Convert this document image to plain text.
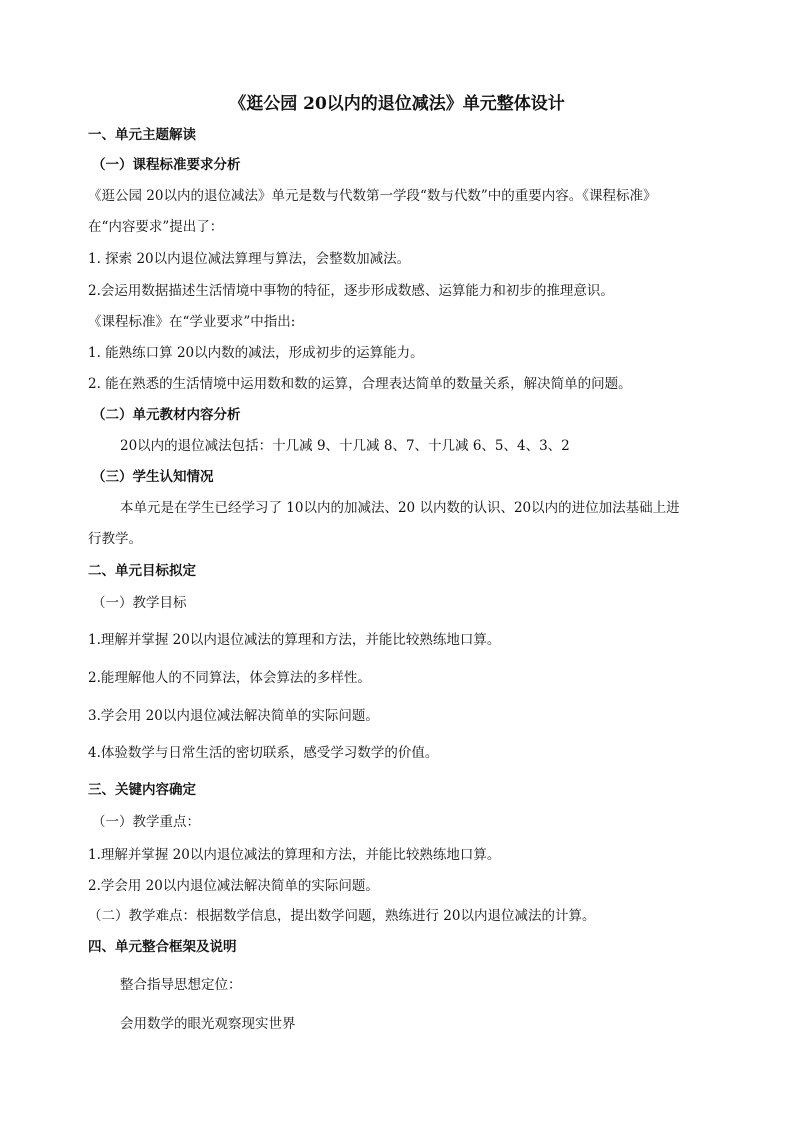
《逛公园 20以内的退位减法》单元整体设计
一、单元主题解读
（一）课程标准要求分析
《逛公园 20以内的退位减法》单元是数与代数第一学段“数与代数”中的重要内容。《课程标准》
在“内容要求”提出了：
1. 探索 20以内退位减法算理与算法，会整数加减法。
2.会运用数据描述生活情境中事物的特征，逐步形成数感、运算能力和初步的推理意识。
《课程标准》在“学业要求”中指出:
1. 能熟练口算 20以内数的减法，形成初步的运算能力。
2. 能在熟悉的生活情境中运用数和数的运算，合理表达简单的数量关系，解决简单的问题。
（二）单元教材内容分析
20以内的退位减法包括：十几减 9、十几减 8、7、十几减 6、5、4、3、2
（三）学生认知情况
本单元是在学生已经学习了 10以内的加减法、20 以内数的认识、20以内的进位加法基础上进
行教学。
二、单元目标拟定
（一）教学目标
1.理解并掌握 20以内退位减法的算理和方法，并能比较熟练地口算。
2.能理解他人的不同算法，体会算法的多样性。
3.学会用 20以内退位减法解决简单的实际问题。
4.体验数学与日常生活的密切联系，感受学习数学的价值。
三、关键内容确定
（一）教学重点：
1.理解并掌握 20以内退位减法的算理和方法，并能比较熟练地口算。
2.学会用 20以内退位减法解决简单的实际问题。
（二）教学难点：根据数学信息，提出数学问题，熟练进行 20以内退位减法的计算。
四、单元整合框架及说明
整合指导思想定位：
会用数学的眼光观察现实世界
